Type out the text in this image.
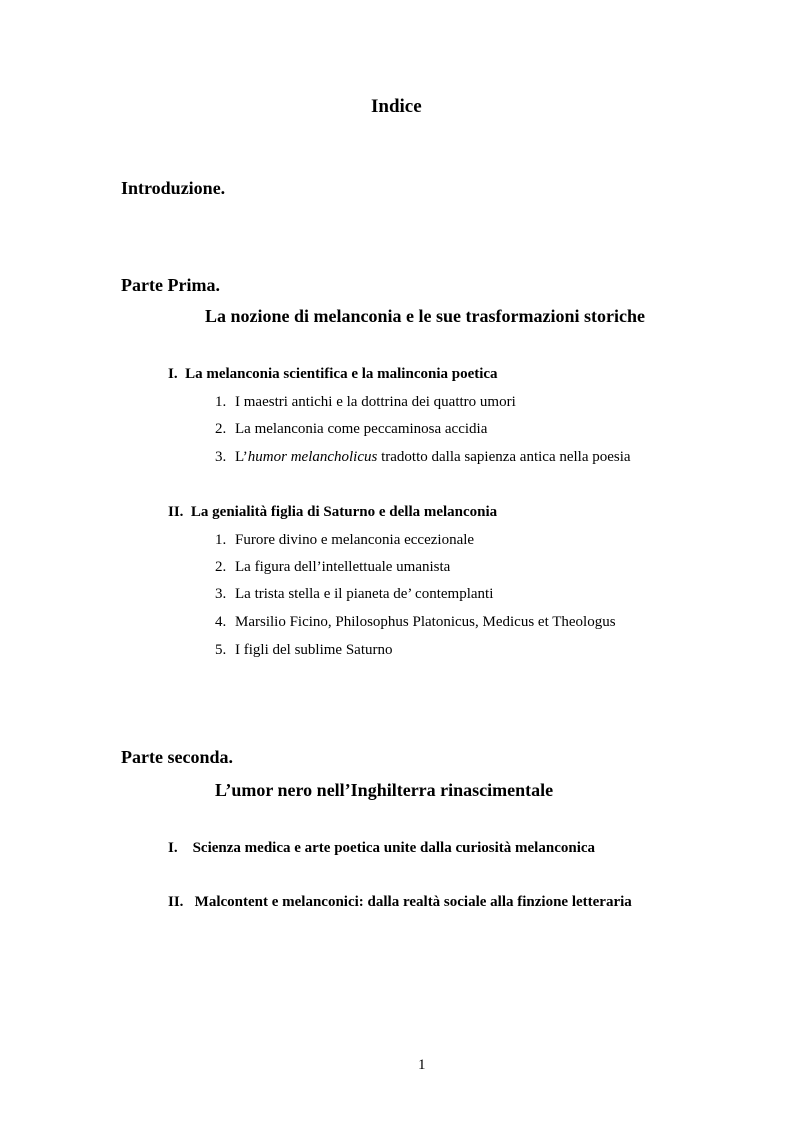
Indice
Introduzione.
Parte Prima.
La nozione di melanconia e le sue trasformazioni storiche
I.  La melanconia scientifica e la malinconia poetica
1. I maestri antichi e la dottrina dei quattro umori
2. La melanconia come peccaminosa accidia
3. L’humor melancholicus tradotto dalla sapienza antica nella poesia
II.  La genialità figlia di Saturno e della melanconia
1. Furore divino e melanconia eccezionale
2. La figura dell’intellettuale umanista
3. La trista stella e il pianeta de’ contemplanti
4. Marsilio Ficino, Philosophus Platonicus, Medicus et Theologus
5. I figli del sublime Saturno
Parte seconda.
L’umor nero nell’Inghilterra rinascimentale
I.    Scienza medica e arte poetica unite dalla curiosità melanconica
II.   Malcontent e melanconici: dalla realtà sociale alla finzione letteraria
1
